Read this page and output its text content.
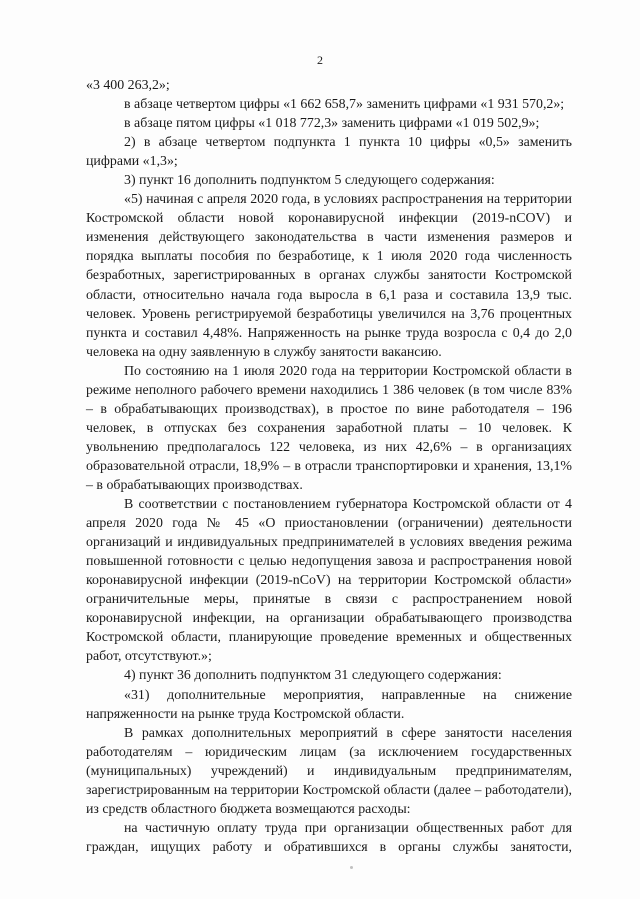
2

«3 400 263,2»;

в абзаце четвертом цифры «1 662 658,7» заменить цифрами «1 931 570,2»;

в абзаце пятом цифры «1 018 772,3» заменить цифрами «1 019 502,9»;

2) в абзаце четвертом подпункта 1 пункта 10 цифры «0,5» заменить цифрами «1,3»;

3) пункт 16 дополнить подпунктом 5 следующего содержания:

«5) начиная с апреля 2020 года, в условиях распространения на территории Костромской области новой коронавирусной инфекции (2019-nCOV) и изменения действующего законодательства в части изменения размеров и порядка выплаты пособия по безработице, к 1 июля 2020 года численность безработных, зарегистрированных в органах службы занятости Костромской области, относительно начала года выросла в 6,1 раза и составила 13,9 тыс. человек. Уровень регистрируемой безработицы увеличился на 3,76 процентных пункта и составил 4,48%. Напряженность на рынке труда возросла с 0,4 до 2,0 человека на одну заявленную в службу занятости вакансию.

По состоянию на 1 июля 2020 года на территории Костромской области в режиме неполного рабочего времени находились 1 386 человек (в том числе 83% – в обрабатывающих производствах), в простое по вине работодателя – 196 человек, в отпусках без сохранения заработной платы – 10 человек. К увольнению предполагалось 122 человека, из них 42,6% – в организациях образовательной отрасли, 18,9% – в отрасли транспортировки и хранения, 13,1% – в обрабатывающих производствах.

В соответствии с постановлением губернатора Костромской области от 4 апреля 2020 года № 45 «О приостановлении (ограничении) деятельности организаций и индивидуальных предпринимателей в условиях введения режима повышенной готовности с целью недопущения завоза и распространения новой коронавирусной инфекции (2019-nCoV) на территории Костромской области» ограничительные меры, принятые в связи с распространением новой коронавирусной инфекции, на организации обрабатывающего производства Костромской области, планирующие проведение временных и общественных работ, отсутствуют.»;

4) пункт 36 дополнить подпунктом 31 следующего содержания:

«31) дополнительные мероприятия, направленные на снижение напряженности на рынке труда Костромской области.

В рамках дополнительных мероприятий в сфере занятости населения работодателям – юридическим лицам (за исключением государственных (муниципальных) учреждений) и индивидуальным предпринимателям, зарегистрированным на территории Костромской области (далее – работодатели), из средств областного бюджета возмещаются расходы:

на частичную оплату труда при организации общественных работ для граждан, ищущих работу и обратившихся в органы службы занятости,
